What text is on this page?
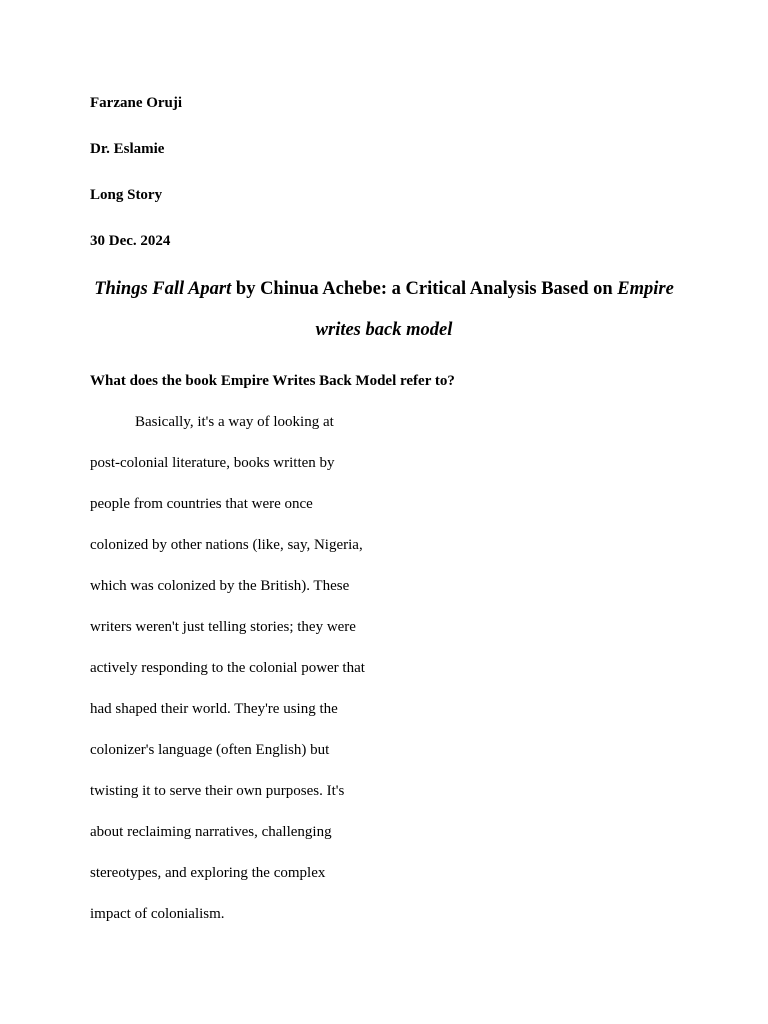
Farzane Oruji

Dr. Eslamie

Long Story

30 Dec. 2024

Things Fall Apart by Chinua Achebe: a Critical Analysis Based on Empire

writes back model

What does the book Empire Writes Back Model refer to?

Basically, it's a way of looking at

post-colonial literature, books written by

people from countries that were once

colonized by other nations (like, say, Nigeria,

which was colonized by the British). These

writers weren't just telling stories; they were

actively responding to the colonial power that

had shaped their world. They're using the

colonizer's language (often English) but

twisting it to serve their own purposes. It's

about reclaiming narratives, challenging

stereotypes, and exploring the complex

impact of colonialism.
